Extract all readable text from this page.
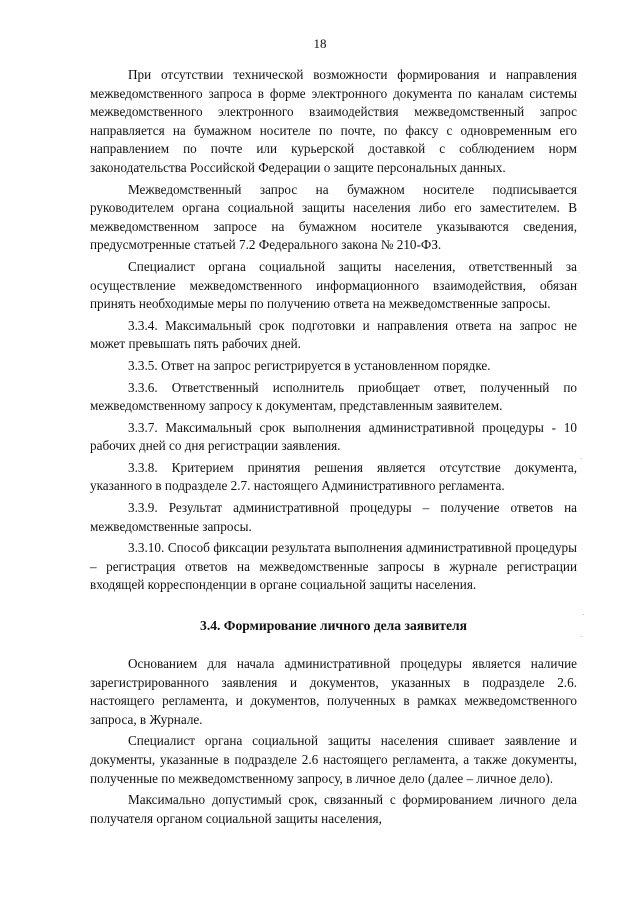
18

При отсутствии технической возможности формирования и направления межведомственного запроса в форме электронного документа по каналам системы межведомственного электронного взаимодействия межведомственный запрос направляется на бумажном носителе по почте, по факсу с одновременным его направлением по почте или курьерской доставкой с соблюдением норм законодательства Российской Федерации о защите персональных данных.

Межведомственный запрос на бумажном носителе подписывается руководителем органа социальной защиты населения либо его заместителем. В межведомственном запросе на бумажном носителе указываются сведения, предусмотренные статьей 7.2 Федерального закона № 210-ФЗ.

Специалист органа социальной защиты населения, ответственный за осуществление межведомственного информационного взаимодействия, обязан принять необходимые меры по получению ответа на межведомственные запросы.

3.3.4. Максимальный срок подготовки и направления ответа на запрос не может превышать пять рабочих дней.

3.3.5. Ответ на запрос регистрируется в установленном порядке.

3.3.6. Ответственный исполнитель приобщает ответ, полученный по межведомственному запросу к документам, представленным заявителем.

3.3.7. Максимальный срок выполнения административной процедуры - 10 рабочих дней со дня регистрации заявления.

3.3.8. Критерием принятия решения является отсутствие документа, указанного в подразделе 2.7. настоящего Административного регламента.

3.3.9. Результат административной процедуры – получение ответов на межведомственные запросы.

3.3.10. Способ фиксации результата выполнения административной процедуры – регистрация ответов на межведомственные запросы в журнале регистрации входящей корреспонденции в органе социальной защиты населения.

3.4. Формирование личного дела заявителя

Основанием для начала административной процедуры является наличие зарегистрированного заявления и документов, указанных в подразделе 2.6. настоящего регламента, и документов, полученных в рамках межведомственного запроса, в Журнале.

Специалист органа социальной защиты населения сшивает заявление и документы, указанные в подразделе 2.6 настоящего регламента, а также документы, полученные по межведомственному запросу, в личное дело (далее – личное дело).

Максимально допустимый срок, связанный с формированием личного дела получателя органом социальной защиты населения,

˙
·
·
·
